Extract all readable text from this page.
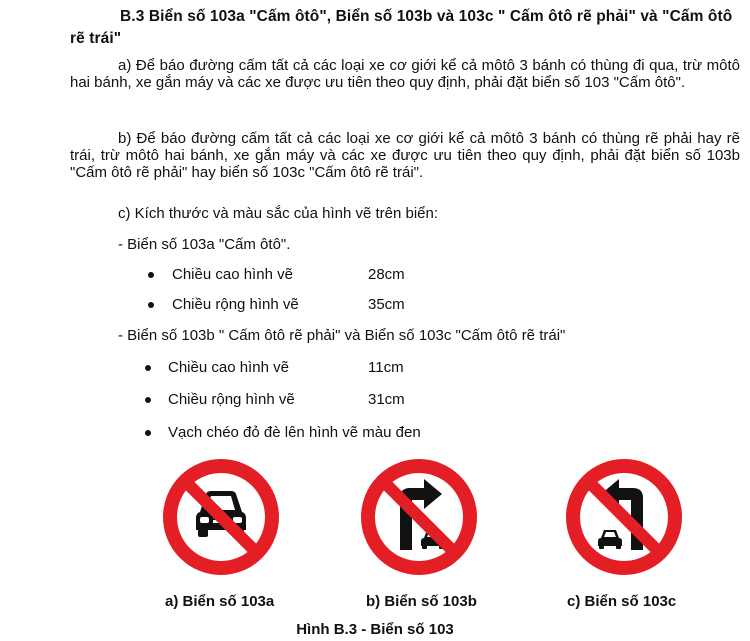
B.3 Biển số 103a "Cấm ôtô", Biển số 103b và 103c " Cấm ôtô rẽ phải" và "Cấm ôtô rẽ trái"
a) Để báo đường cấm tất cả các loại xe cơ giới kể cả môtô 3 bánh có thùng đi qua, trừ môtô hai bánh, xe gắn máy và các xe được ưu tiên theo quy định, phải đặt biển số 103 "Cấm ôtô".
b) Để báo đường cấm tất cả các loại xe cơ giới kể cả môtô 3 bánh có thùng rẽ phải hay rẽ trái, trừ môtô hai bánh, xe gắn máy và các xe được ưu tiên theo quy định, phải đặt biển số 103b "Cấm ôtô rẽ phải" hay biển số 103c "Cấm ôtô rẽ trái".
c) Kích thước và màu sắc của hình vẽ trên biển:
- Biển số 103a "Cấm ôtô".
Chiều cao hình vẽ	28cm
Chiều rộng hình vẽ	35cm
- Biển số 103b " Cấm ôtô rẽ phải" và Biển số 103c "Cấm ôtô rẽ trái"
Chiều cao hình vẽ	11cm
Chiều rộng hình vẽ	31cm
Vạch chéo đỏ đè lên hình vẽ màu đen
a) Biển số 103a	b) Biển số 103b	c) Biển số 103c
Hình B.3 - Biển số 103
